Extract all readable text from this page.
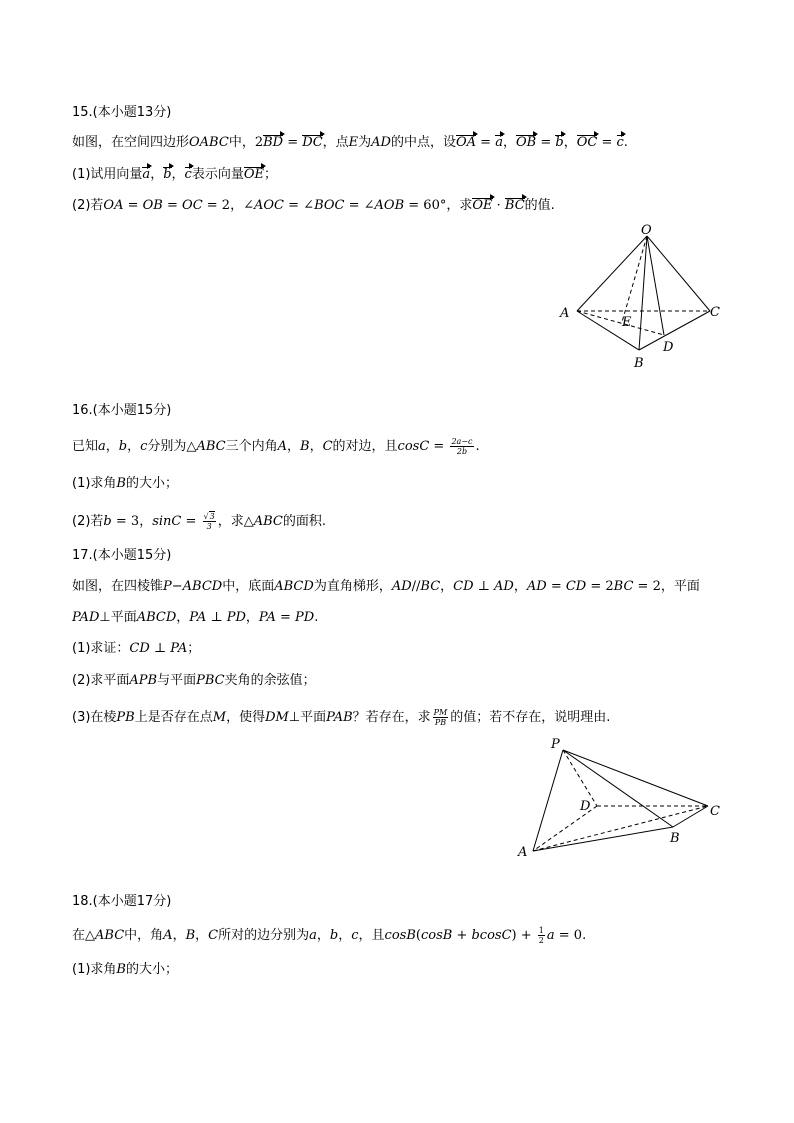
15.(本小题13分)
如图，在空间四边形OABC中，2BD = DC，点E为AD的中点，设OA = a，OB = b，OC = c.
(1)试用向量a，b，c表示向量OE；
(2)若OA = OB = OC = 2，∠AOC = ∠BOC = ∠AOB = 60°，求OE · BC的值.
O
A
E
C
D
B
16.(本小题15分)
已知a，b，c分别为△ABC三个内角A，B，C的对边，且$\cos C = \frac{2a-c}{2b}$ .
(1)求角B的大小；
(2)若b = 3，$\sin C = \frac{√3}{3}$ ，求△ABC的面积.
17.(本小题15分)
如图，在四棱锥P−ABCD中，底面ABCD为直角梯形，AD//BC，CD ⊥ AD，AD = CD = 2BC = 2，平面
PAD⊥平面ABCD，PA ⊥ PD，PA = PD.
(1)求证：CD ⊥ PA；
(2)求平面APB与平面PBC夹角的余弦值；
(3)在棱PB上是否存在点M，使得DM⊥平面PAB？若存在，求 $\frac{PM}{PB}$ 的值；若不存在，说明理由.
P
D	C
B
A
18.(本小题17分)
在△ABC中，角A，B，C所对的边分别为a，b，c，且$\cos B(\cos B + bcosC) + \frac{1}{2}$ a = 0.
(1)求角B的大小；
